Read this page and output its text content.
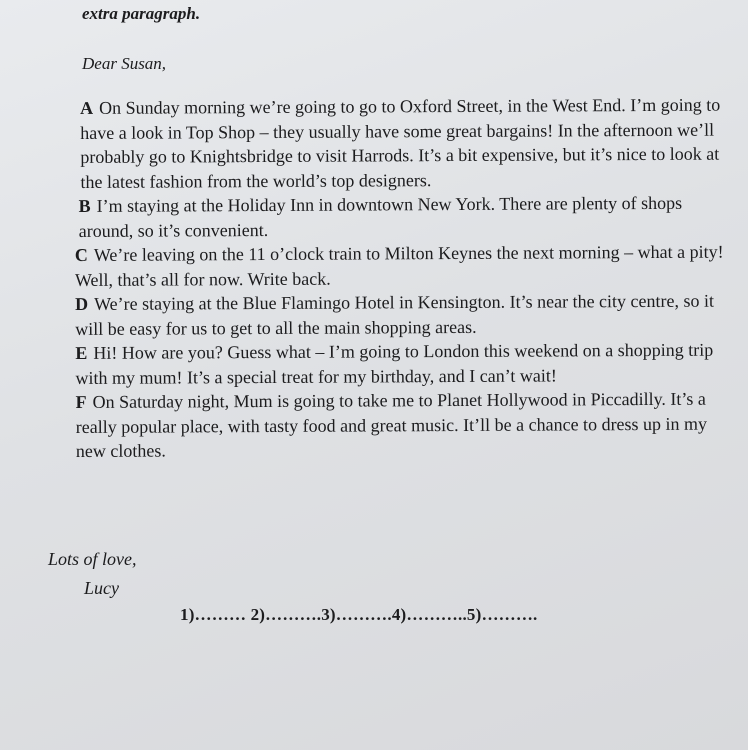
extra paragraph.

Dear Susan,

A On Sunday morning we’re going to go to Oxford Street, in the West End. I’m going to have a look in Top Shop – they usually have some great bargains! In the afternoon we’ll probably go to Knightsbridge to visit Harrods. It’s a bit expensive, but it’s nice to look at the latest fashion from the world’s top designers.

B I’m staying at the Holiday Inn in downtown New York. There are plenty of shops around, so it’s convenient.

C We’re leaving on the 11 o’clock train to Milton Keynes the next morning – what a pity! Well, that’s all for now. Write back.

D We’re staying at the Blue Flamingo Hotel in Kensington. It’s near the city centre, so it will be easy for us to get to all the main shopping areas.

E Hi! How are you? Guess what – I’m going to London this weekend on a shopping trip with my mum! It’s a special treat for my birthday, and I can’t wait!

F On Saturday night, Mum is going to take me to Planet Hollywood in Piccadilly. It’s a really popular place, with tasty food and great music. It’ll be a chance to dress up in my new clothes.

Lots of love,

Lucy

1)……… 2)……….3)……….4)………..5)……….
